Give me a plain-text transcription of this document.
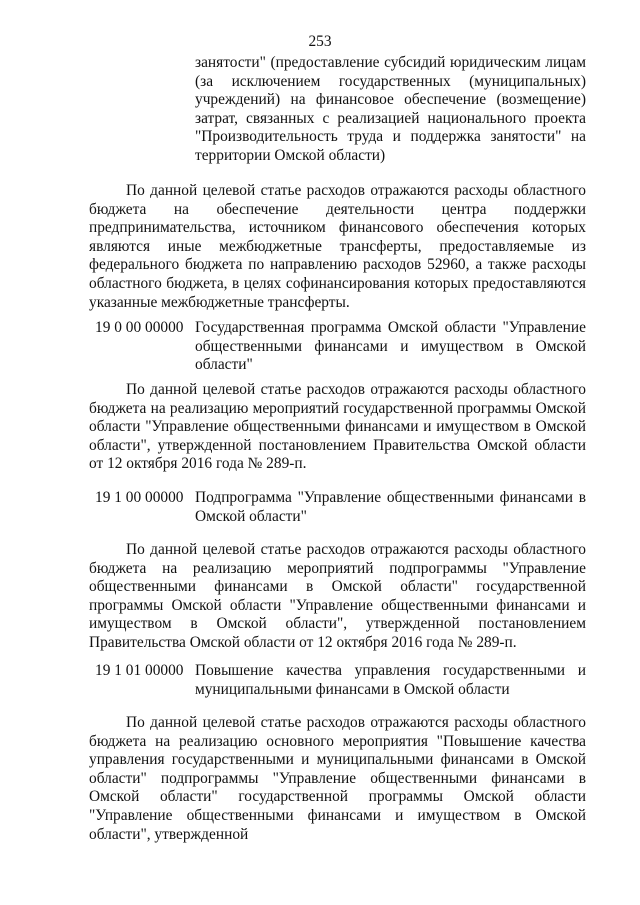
253

занятости" (предоставление субсидий юридическим лицам (за исключением государственных (муниципальных) учреждений) на финансовое обеспечение (возмещение) затрат, связанных с реализацией национального проекта "Производительность труда и поддержка занятости" на территории Омской области)

По данной целевой статье расходов отражаются расходы областного бюджета на обеспечение деятельности центра поддержки предпринимательства, источником финансового обеспечения которых являются иные межбюджетные трансферты, предоставляемые из федерального бюджета по направлению расходов 52960, а также расходы областного бюджета, в целях софинансирования которых предоставляются указанные межбюджетные трансферты.

19 0 00 00000 Государственная программа Омской области "Управление общественными финансами и имуществом в Омской области"

По данной целевой статье расходов отражаются расходы областного бюджета на реализацию мероприятий государственной программы Омской области "Управление общественными финансами и имуществом в Омской области", утвержденной постановлением Правительства Омской области от 12 октября 2016 года № 289-п.

19 1 00 00000 Подпрограмма "Управление общественными финансами в Омской области"

По данной целевой статье расходов отражаются расходы областного бюджета на реализацию мероприятий подпрограммы "Управление общественными финансами в Омской области" государственной программы Омской области "Управление общественными финансами и имуществом в Омской области", утвержденной постановлением Правительства Омской области от 12 октября 2016 года № 289-п.

19 1 01 00000 Повышение качества управления государственными и муниципальными финансами в Омской области

По данной целевой статье расходов отражаются расходы областного бюджета на реализацию основного мероприятия "Повышение качества управления государственными и муниципальными финансами в Омской области" подпрограммы "Управление общественными финансами в Омской области" государственной программы Омской области "Управление общественными финансами и имуществом в Омской области", утвержденной
